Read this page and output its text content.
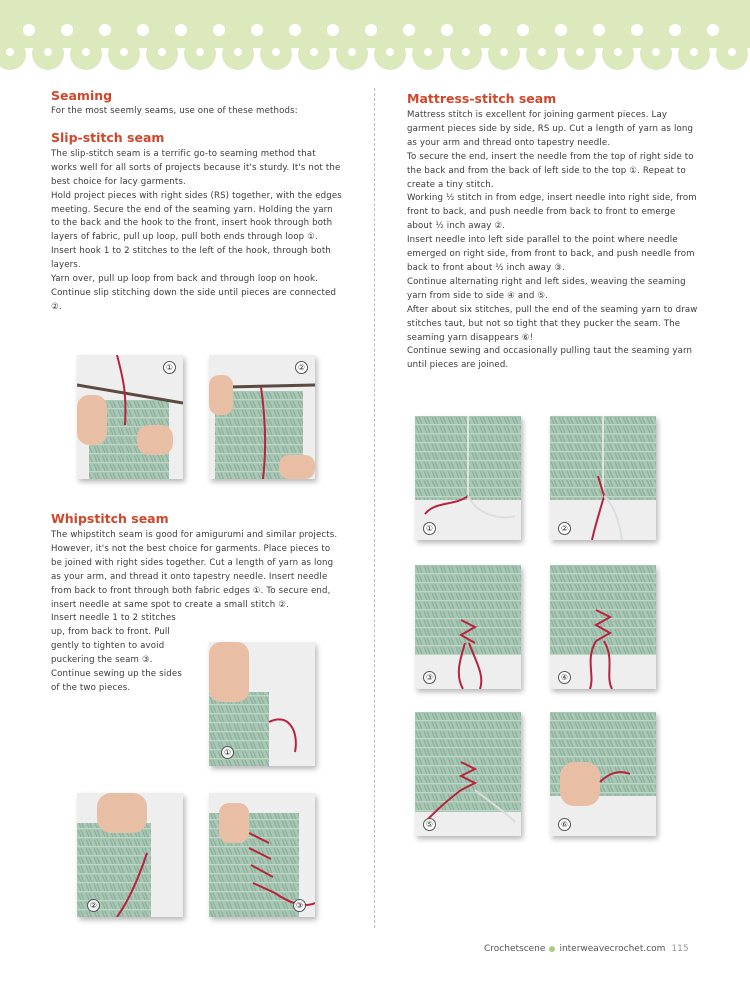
Seaming

For the most seemly seams, use one of these methods:

Slip-stitch seam

The slip-stitch seam is a terrific go-to seaming method that works well for all sorts of projects because it's sturdy. It's not the best choice for lacy garments.

Hold project pieces with right sides (RS) together, with the edges meeting. Secure the end of the seaming yarn. Holding the yarn to the back and the hook to the front, insert hook through both layers of fabric, pull up loop, pull both ends through loop ①.

Insert hook 1 to 2 stitches to the left of the hook, through both layers.

Yarn over, pull up loop from back and through loop on hook. Continue slip stitching down the side until pieces are connected ②.

Whipstitch seam

The whipstitch seam is good for amigurumi and similar projects. However, it's not the best choice for garments. Place pieces to be joined with right sides together. Cut a length of yarn as long as your arm, and thread it onto tapestry needle. Insert needle from back to front through both fabric edges ①. To secure end, insert needle at same spot to create a small stitch ②.

Insert needle 1 to 2 stitches up, from back to front. Pull gently to tighten to avoid puckering the seam ③. Continue sewing up the sides of the two pieces.

Mattress-stitch seam

Mattress stitch is excellent for joining garment pieces. Lay garment pieces side by side, RS up. Cut a length of yarn as long as your arm and thread onto tapestry needle.

To secure the end, insert the needle from the top of right side to the back and from the back of left side to the top ①. Repeat to create a tiny stitch.

Working ½ stitch in from edge, insert needle into right side, from front to back, and push needle from back to front to emerge about ½ inch away ②.

Insert needle into left side parallel to the point where needle emerged on right side, from front to back, and push needle from back to front about ½ inch away ③.

Continue alternating right and left sides, weaving the seaming yarn from side to side ④ and ⑤.

After about six stitches, pull the end of the seaming yarn to draw stitches taut, but not so tight that they pucker the seam. The seaming yarn disappears ⑥!

Continue sewing and occasionally pulling taut the seaming yarn until pieces are joined.

①	②
①
②	③
①	②
③	④
⑤	⑥
Crochetscene interweavecrochet.com 115
